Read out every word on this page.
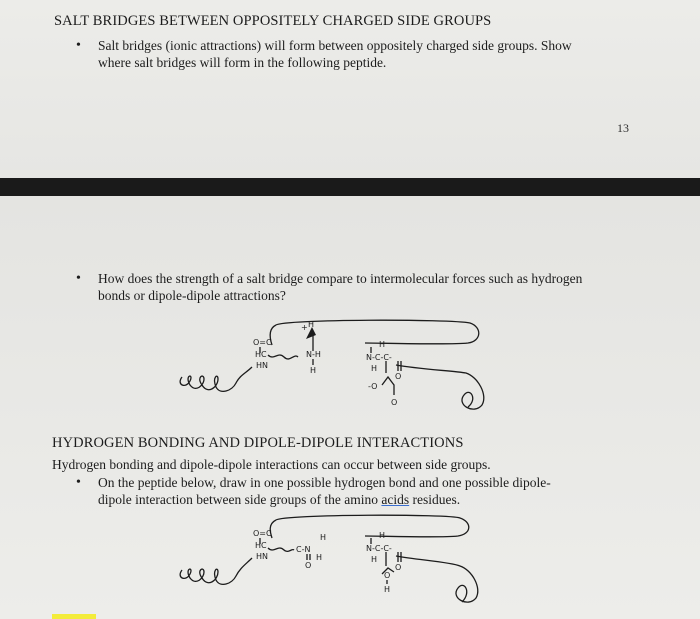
SALT BRIDGES BETWEEN OPPOSITELY CHARGED SIDE GROUPS
• Salt bridges (ionic attractions) will form between oppositely charged side groups. Show
where salt bridges will form in the following peptide.
13
• How does the strength of a salt bridge compare to intermolecular forces such as hydrogen
bonds or dipole-dipole attractions?
O=C
HC
HN
+ H
N-H
H
H
N-C-C-
H
-O
O
O
HYDROGEN BONDING AND DIPOLE-DIPOLE INTERACTIONS
Hydrogen bonding and dipole-dipole interactions can occur between side groups.
• On the peptide below, draw in one possible hydrogen bond and one possible dipole-
dipole interaction between side groups of the amino acids residues.
O=C
HC
HN
H
C-N
H
O
H
N-C-C-
H
O
O
H
